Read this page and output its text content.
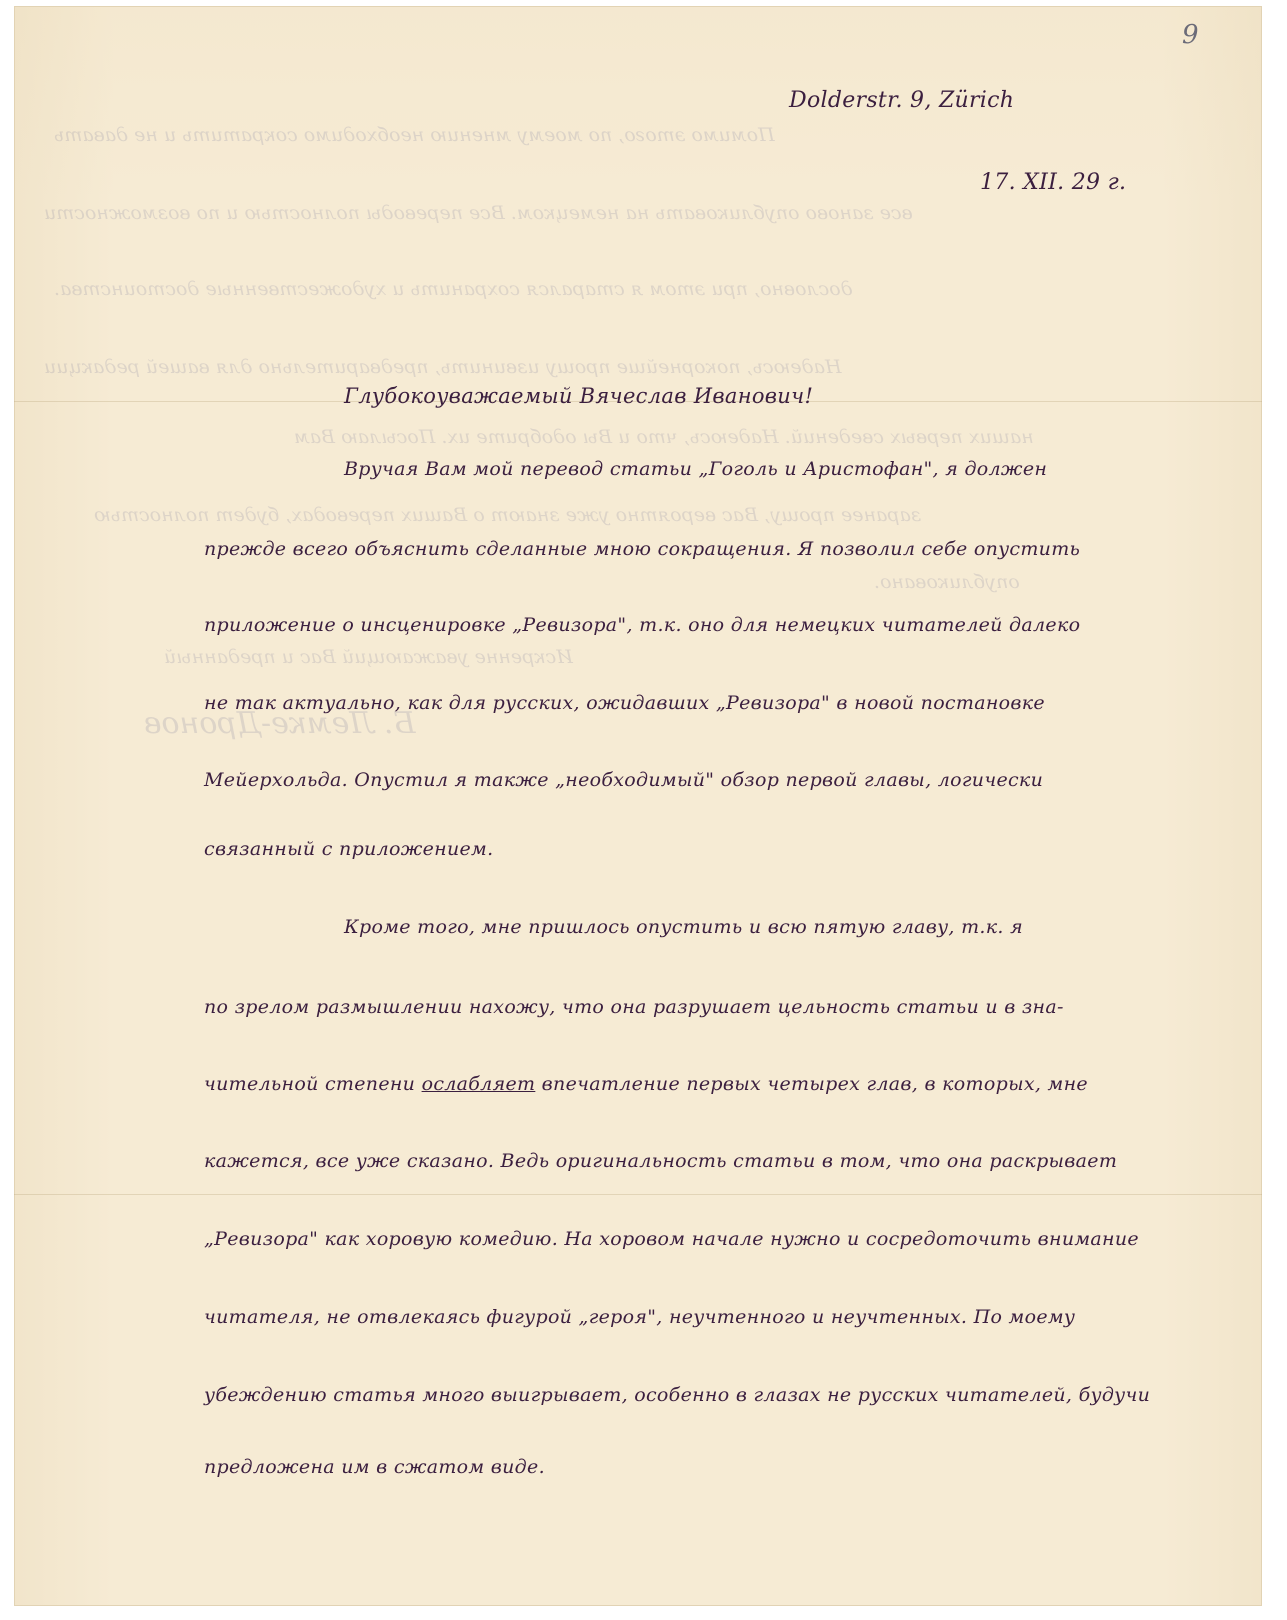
Помимо этого, по моему мнению необходимо сократить и не давать
все заново опубликовать на немецком. Все переводы полностью и по возможности
дословно, при этом я старался сохранить и художественные достоинства.
Надеюсь, покорнейше прошу извинить, предварительно для вашей редакции
наших первых сведений. Надеюсь, что и Вы одобрите их. Посылаю Вам
заранее прошу, Вас вероятно уже знают о Ваших переводах, будет полностью
опубликовано.
Искренне уважающий Вас и преданный
Б. Лемке-Дронов
9
Dolderstr. 9, Zürich
17. XII. 29 г.
Глубокоуважаемый Вячеслав Иванович!
Вручая Вам мой перевод статьи „Гоголь и Аристофан", я должен
прежде всего объяснить сделанные мною сокращения. Я позволил себе опустить
приложение о инсценировке „Ревизора", т.к. оно для немецких читателей далеко
не так актуально, как для русских, ожидавших „Ревизора" в новой постановке
Мейерхольда. Опустил я также „необходимый" обзор первой главы, логически
связанный с приложением.
Кроме того, мне пришлось опустить и всю пятую главу, т.к. я
по зрелом размышлении нахожу, что она разрушает цельность статьи и в зна-
чительной степени ослабляет впечатление первых четырех глав, в которых, мне
кажется, все уже сказано. Ведь оригинальность статьи в том, что она раскрывает
„Ревизора" как хоровую комедию. На хоровом начале нужно и сосредоточить внимание
читателя, не отвлекаясь фигурой „героя", неучтенного и неучтенных. По моему
убеждению статья много выигрывает, особенно в глазах не русских читателей, будучи
предложена им в сжатом виде.
